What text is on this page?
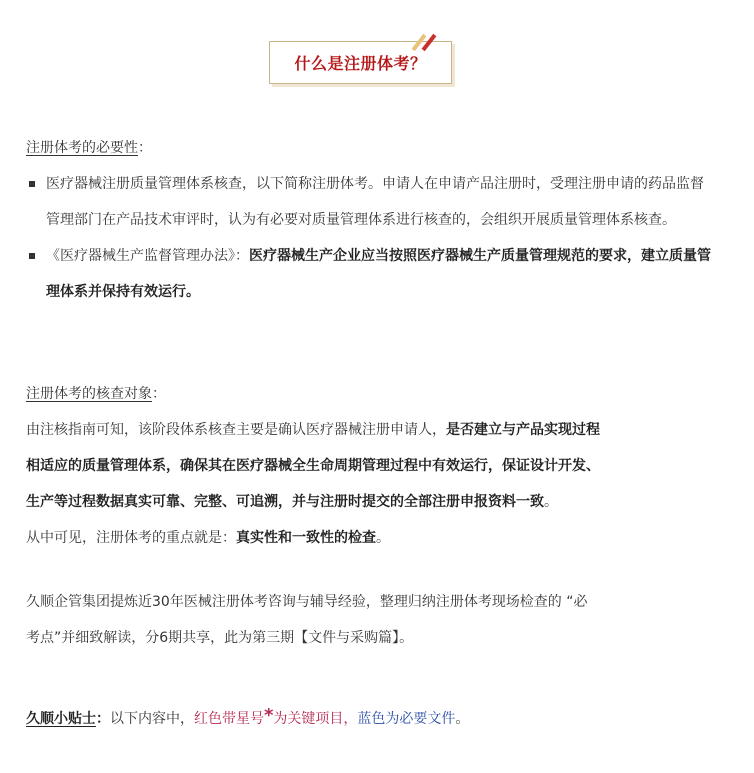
什么是注册体考？
注册体考的必要性：
医疗器械注册质量管理体系核查，以下简称注册体考。申请人在申请产品注册时，受理注册申请的药品监督管理部门在产品技术审评时，认为有必要对质量管理体系进行核查的，会组织开展质量管理体系核查。
《医疗器械生产监督管理办法》：医疗器械生产企业应当按照医疗器械生产质量管理规范的要求，建立质量管理体系并保持有效运行。
注册体考的核查对象：
由注核指南可知，该阶段体系核查主要是确认医疗器械注册申请人，是否建立与产品实现过程
相适应的质量管理体系，确保其在医疗器械全生命周期管理过程中有效运行，保证设计开发、
生产等过程数据真实可靠、完整、可追溯，并与注册时提交的全部注册申报资料一致。
从中可见，注册体考的重点就是：真实性和一致性的检查。
久顺企管集团提炼近30年医械注册体考咨询与辅导经验，整理归纳注册体考现场检查的 “必
考点”并细致解读，分6期共享，此为第三期【文件与采购篇】。
久顺小贴士：以下内容中，红色带星号*为关键项目，蓝色为必要文件。
